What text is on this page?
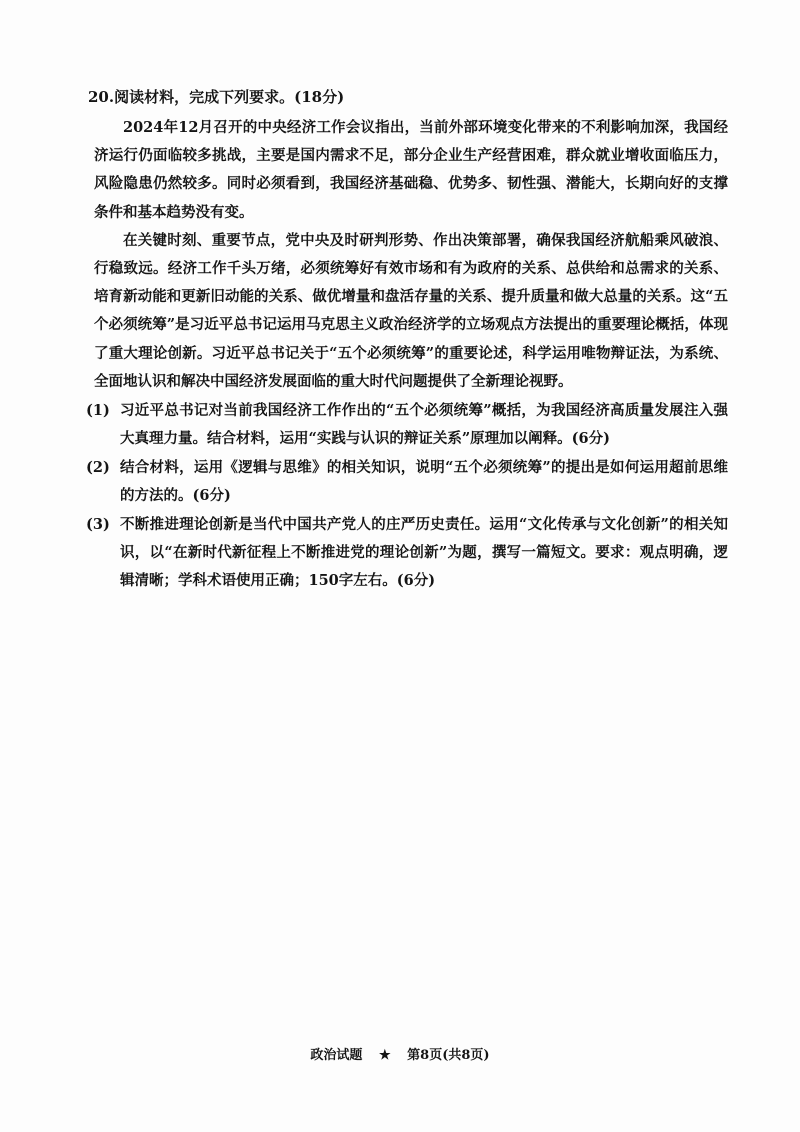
20.阅读材料，完成下列要求。(18分)

2024年12月召开的中央经济工作会议指出，当前外部环境变化带来的不利影响加深，我国经济运行仍面临较多挑战，主要是国内需求不足，部分企业生产经营困难，群众就业增收面临压力，风险隐患仍然较多。同时必须看到，我国经济基础稳、优势多、韧性强、潜能大，长期向好的支撑条件和基本趋势没有变。

在关键时刻、重要节点，党中央及时研判形势、作出决策部署，确保我国经济航船乘风破浪、行稳致远。经济工作千头万绪，必须统筹好有效市场和有为政府的关系、总供给和总需求的关系、培育新动能和更新旧动能的关系、做优增量和盘活存量的关系、提升质量和做大总量的关系。这“五个必须统筹”是习近平总书记运用马克思主义政治经济学的立场观点方法提出的重要理论概括，体现了重大理论创新。习近平总书记关于“五个必须统筹”的重要论述，科学运用唯物辩证法，为系统、全面地认识和解决中国经济发展面临的重大时代问题提供了全新理论视野。

(1) 习近平总书记对当前我国经济工作作出的“五个必须统筹”概括，为我国经济高质量发展注入强大真理力量。结合材料，运用“实践与认识的辩证关系”原理加以阐释。(6分)
(2) 结合材料，运用《逻辑与思维》的相关知识，说明“五个必须统筹”的提出是如何运用超前思维的方法的。(6分)
(3) 不断推进理论创新是当代中国共产党人的庄严历史责任。运用“文化传承与文化创新”的相关知识，以“在新时代新征程上不断推进党的理论创新”为题，撰写一篇短文。要求：观点明确，逻辑清晰；学科术语使用正确；150字左右。(6分)
政治试题 ★ 第8页(共8页)
